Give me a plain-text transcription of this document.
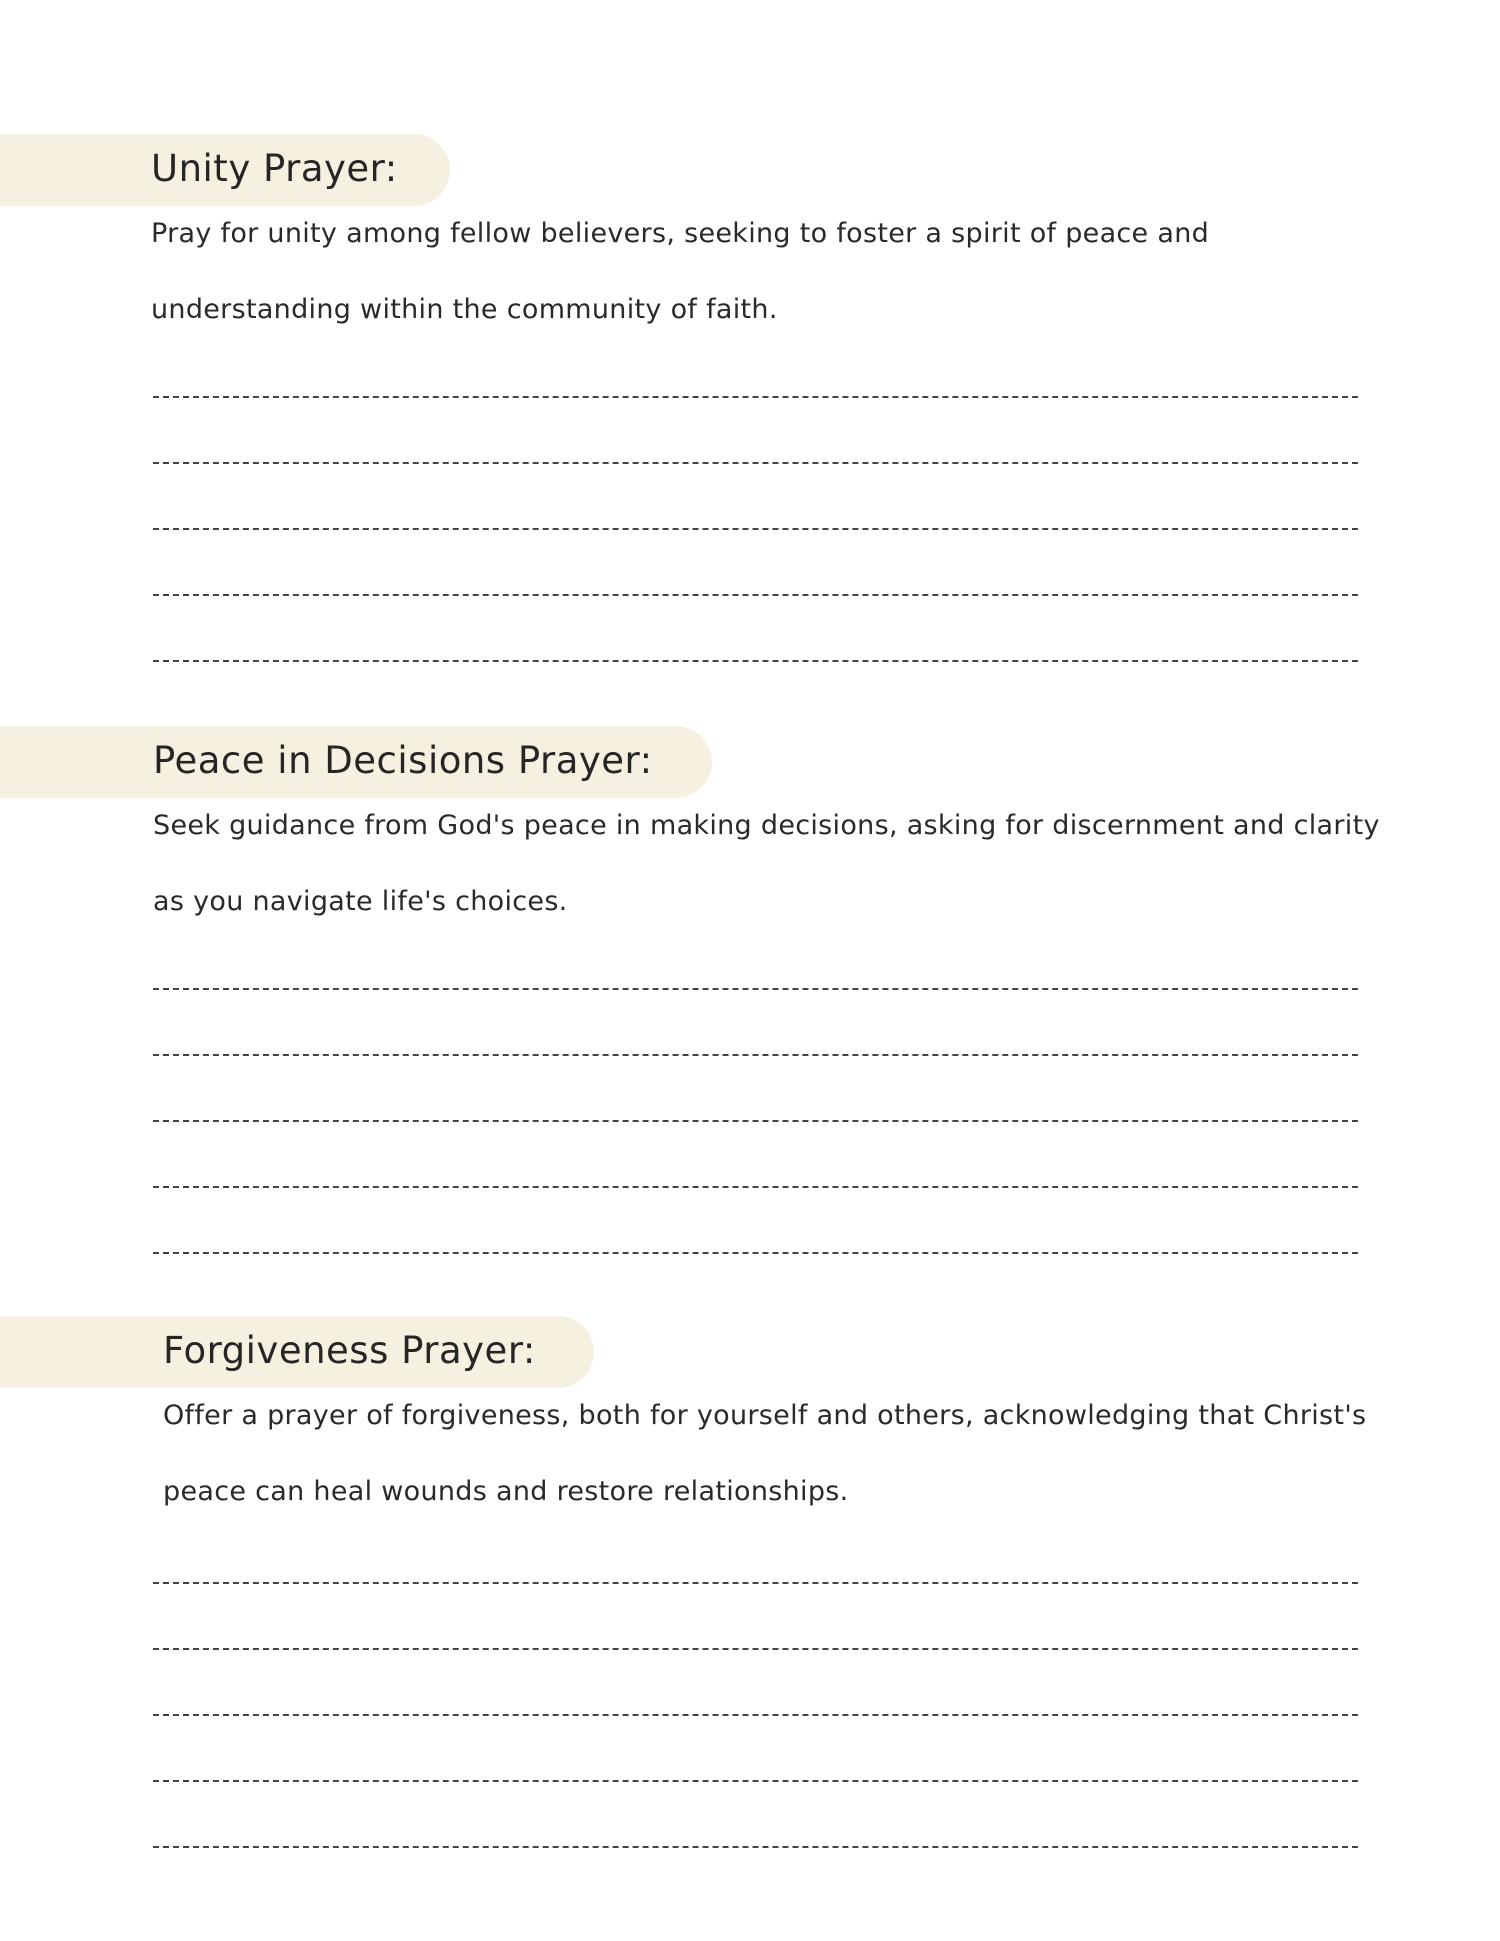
Unity Prayer:
Pray for unity among fellow believers, seeking to foster a spirit of peace and
understanding within the community of faith.
Peace in Decisions Prayer:
Seek guidance from God's peace in making decisions, asking for discernment and clarity
as you navigate life's choices.
Forgiveness Prayer:
Offer a prayer of forgiveness, both for yourself and others, acknowledging that Christ's
peace can heal wounds and restore relationships.
